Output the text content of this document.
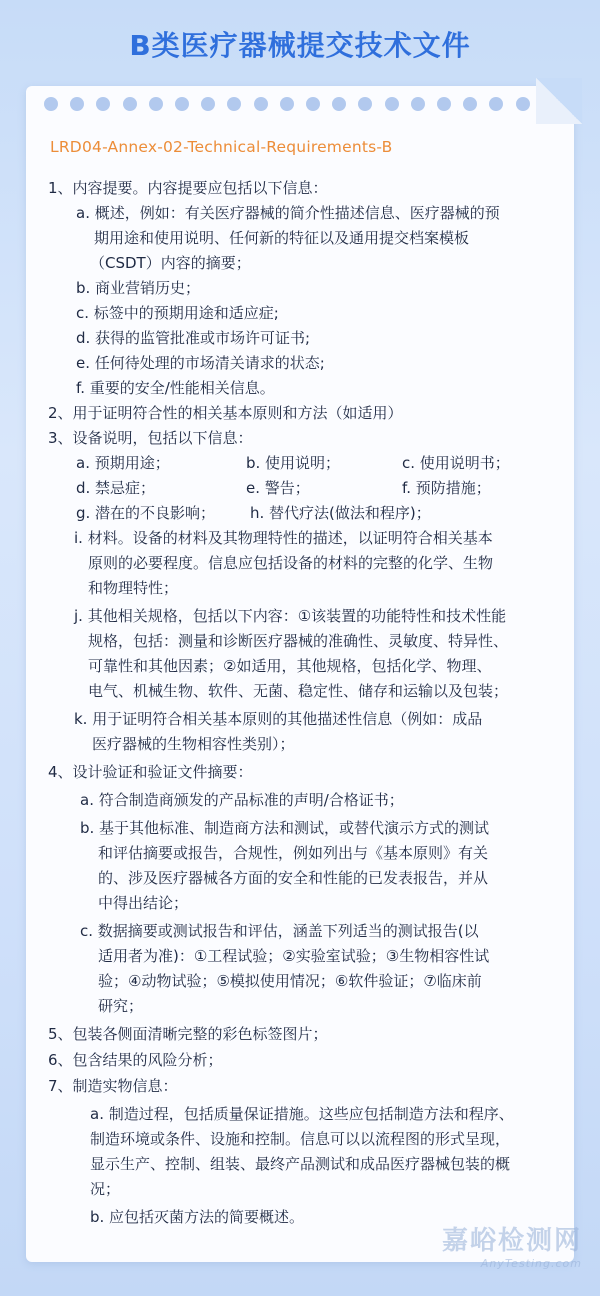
B类医疗器械提交技术文件
LRD04-Annex-02-Technical-Requirements-B
1、内容提要。内容提要应包括以下信息：
a. 概述，例如：有关医疗器械的简介性描述信息、医疗器械的预
期用途和使用说明、任何新的特征以及通用提交档案模板
（CSDT）内容的摘要；
b. 商业营销历史；
c. 标签中的预期用途和适应症;
d. 获得的监管批准或市场许可证书;
e. 任何待处理的市场清关请求的状态;
f. 重要的安全/性能相关信息。
2、用于证明符合性的相关基本原则和方法（如适用）
3、设备说明，包括以下信息：
a. 预期用途；	b. 使用说明；	c. 使用说明书；
d. 禁忌症；	e. 警告；	f. 预防措施；
g. 潜在的不良影响； h. 替代疗法(做法和程序)；
i. 材料。设备的材料及其物理特性的描述，以证明符合相关基本
原则的必要程度。信息应包括设备的材料的完整的化学、生物
和物理特性；
j. 其他相关规格，包括以下内容：①该装置的功能特性和技术性能
规格，包括：测量和诊断医疗器械的准确性、灵敏度、特异性、
可靠性和其他因素；②如适用，其他规格，包括化学、物理、
电气、机械生物、软件、无菌、稳定性、储存和运输以及包装；
k. 用于证明符合相关基本原则的其他描述性信息（例如：成品
医疗器械的生物相容性类别）；
4、设计验证和验证文件摘要：
a. 符合制造商颁发的产品标准的声明/合格证书；
b. 基于其他标准、制造商方法和测试，或替代演示方式的测试
和评估摘要或报告，合规性，例如列出与《基本原则》有关
的、涉及医疗器械各方面的安全和性能的已发表报告，并从
中得出结论；
c. 数据摘要或测试报告和评估，涵盖下列适当的测试报告(以
适用者为准)：①工程试验；②实验室试验；③生物相容性试
验；④动物试验；⑤模拟使用情况；⑥软件验证；⑦临床前
研究；
5、包装各侧面清晰完整的彩色标签图片；
6、包含结果的风险分析；
7、制造实物信息：
a. 制造过程，包括质量保证措施。这些应包括制造方法和程序、
制造环境或条件、设施和控制。信息可以以流程图的形式呈现，
显示生产、控制、组装、最终产品测试和成品医疗器械包装的概
况；
b. 应包括灭菌方法的简要概述。
嘉峪检测网
AnyTesting.com
